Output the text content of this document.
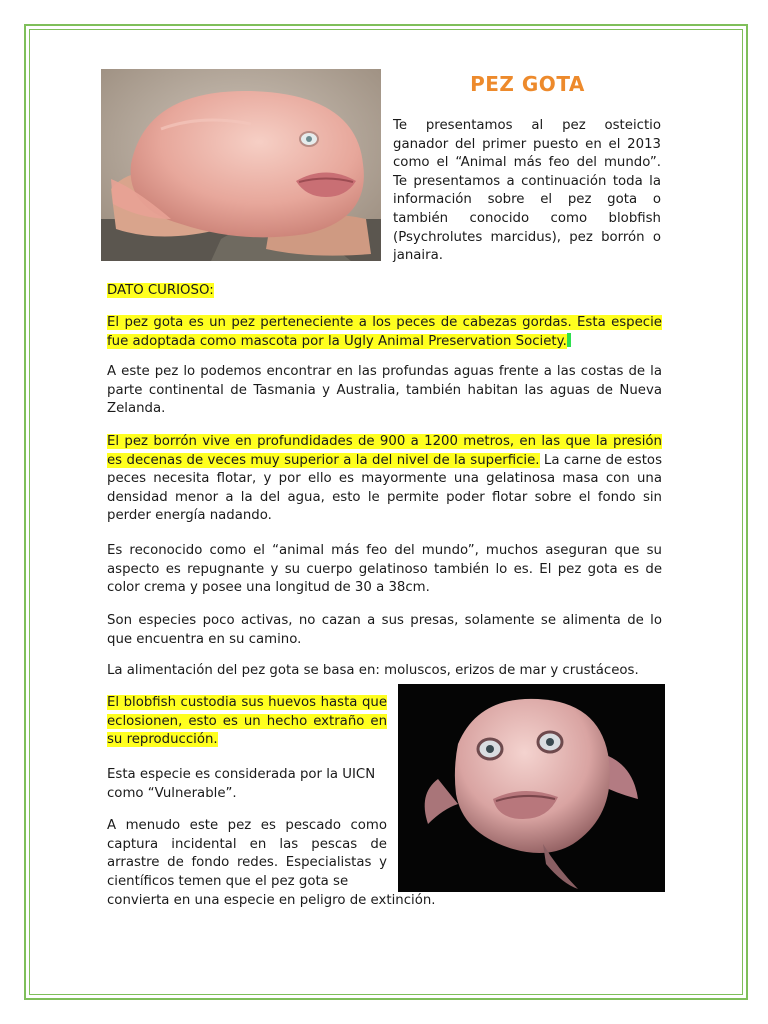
PEZ GOTA

Te presentamos al pez osteictio ganador del primer puesto en el 2013 como el “Animal más feo del mundo”. Te presentamos a continuación toda la información sobre el pez gota o también conocido como blobfish (Psychrolutes marcidus), pez borrón o janaira.

DATO CURIOSO:

El pez gota es un pez perteneciente a los peces de cabezas gordas. Esta especie fue adoptada como mascota por la Ugly Animal Preservation Society.

A este pez lo podemos encontrar en las profundas aguas frente a las costas de la parte continental de Tasmania y Australia, también habitan las aguas de Nueva Zelanda.

El pez borrón vive en profundidades de 900 a 1200 metros, en las que la presión es decenas de veces muy superior a la del nivel de la superficie. La carne de estos peces necesita flotar, y por ello es mayormente una gelatinosa masa con una densidad menor a la del agua, esto le permite poder flotar sobre el fondo sin perder energía nadando.

Es reconocido como el “animal más feo del mundo”, muchos aseguran que su aspecto es repugnante y su cuerpo gelatinoso también lo es. El pez gota es de color crema y posee una longitud de 30 a 38cm.

Son especies poco activas, no cazan a sus presas, solamente se alimenta de lo que encuentra en su camino.

La alimentación del pez gota se basa en: moluscos, erizos de mar y crustáceos.

El blobfish custodia sus huevos hasta que eclosionen, esto es un hecho extraño en su reproducción.

Esta especie es considerada por la UICN como “Vulnerable”.

A menudo este pez es pescado como captura incidental en las pescas de arrastre de fondo redes. Especialistas y científicos temen que el pez gota se

convierta en una especie en peligro de extinción.
